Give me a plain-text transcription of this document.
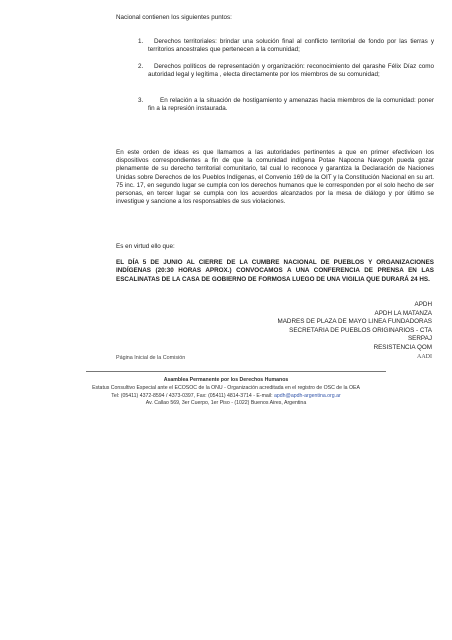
Nacional contienen los siguientes puntos:
1.	Derechos territoriales: brindar una solución final al conflicto territorial de fondo por las tierras y territorios ancestrales que pertenecen a la comunidad;

2.	Derechos políticos de representación y organización: reconocimiento del qarashe Félix Díaz como autoridad legal y legítima , electa directamente por los miembros de su comunidad;

3.	En relación a la situación de hostigamiento y amenazas hacia miembros de la comunidad: poner fin a la represión instaurada.

En este orden de ideas es que llamamos a las autoridades pertinentes a que en primer efectivicen los dispositivos correspondientes a fin de que la comunidad indígena Potae Napocna Navogoh pueda gozar plenamente de su derecho territorial comunitario, tal cual lo reconoce y garantiza la Declaración de Naciones Unidas sobre Derechos de los Pueblos Indígenas, el Convenio 169 de la OIT y la Constitución Nacional en su art. 75 inc. 17, en segundo lugar se cumpla con los derechos humanos que le corresponden por el solo hecho de ser personas, en tercer lugar se cumpla con los acuerdos alcanzados por la mesa de diálogo y por último se investigue y sancione a los responsables de sus violaciones.

Es en virtud ello que:

EL DÍA 5 DE JUNIO AL CIERRE DE LA CUMBRE NACIONAL DE PUEBLOS Y ORGANIZACIONES INDÍGENAS (20:30 HORAS APROX.) CONVOCAMOS A UNA CONFERENCIA DE PRENSA EN LAS ESCALINATAS DE LA CASA DE GOBIERNO DE FORMOSA LUEGO DE UNA VIGILIA QUE DURARÁ 24 HS.

APDH
APDH LA MATANZA
MADRES DE PLAZA DE MAYO LINEA FUNDADORAS
SECRETARIA DE PUEBLOS ORIGINARIOS - CTA
SERPAJ
RESISTENCIA QOM
AADI
Página Inicial de la Comisión
Asamblea Permanente por los Derechos Humanos
Estatus Consultivo Especial ante el ECOSOC de la ONU - Organización acreditada en el registro de OSC de la OEA
Tel: (05411) 4372-8594 / 4373-0397, Fax: (05411) 4814-3714 - E-mail: apdh@apdh-argentina.org.ar
Av. Callao 569, 3er Cuerpo, 1er Piso - (1022) Buenos Aires, Argentina
